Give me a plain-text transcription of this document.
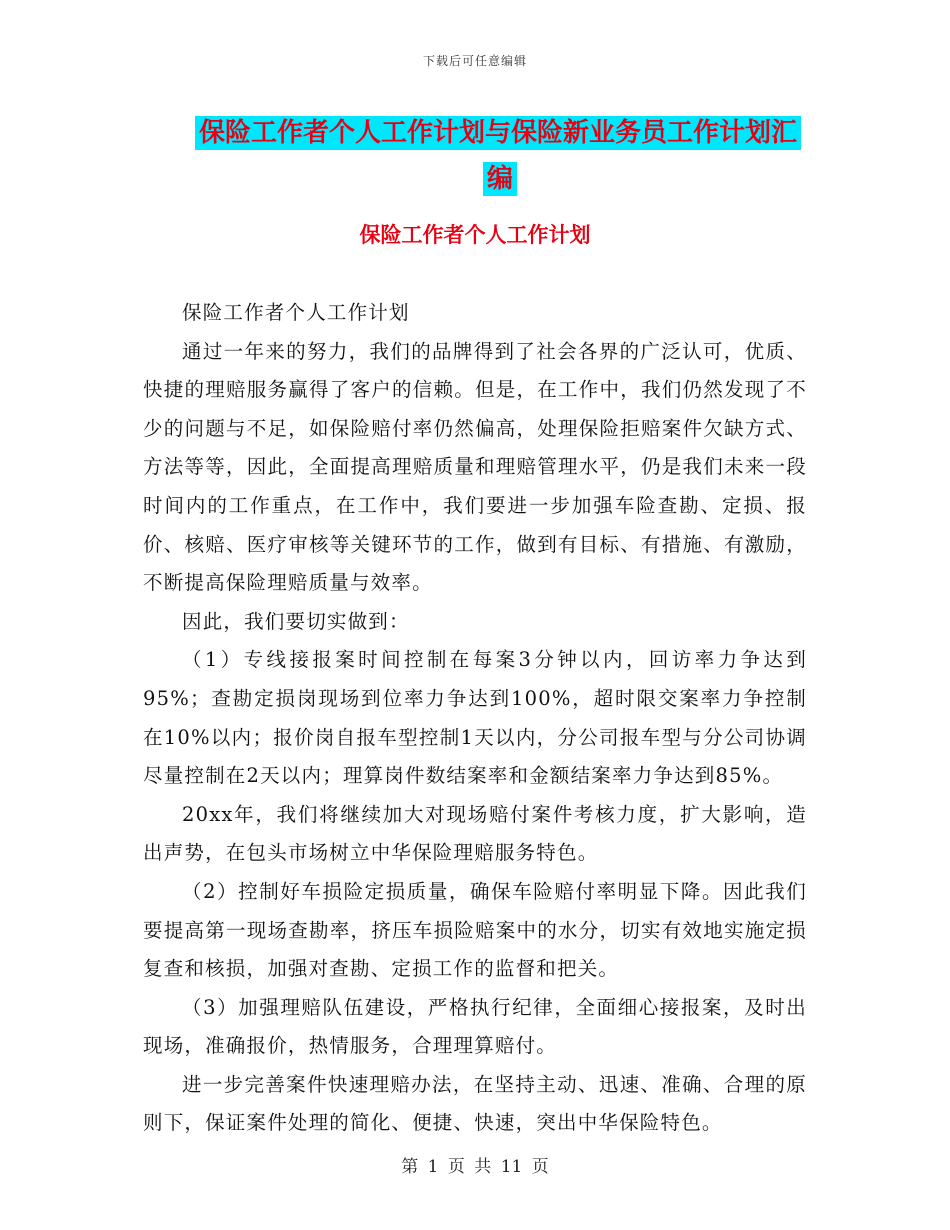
下载后可任意编辑
保险工作者个人工作计划与保险新业务员工作计划汇编
保险工作者个人工作计划

保险工作者个人工作计划

通过一年来的努力，我们的品牌得到了社会各界的广泛认可，优质、快捷的理赔服务赢得了客户的信赖。但是，在工作中，我们仍然发现了不少的问题与不足，如保险赔付率仍然偏高，处理保险拒赔案件欠缺方式、方法等等，因此，全面提高理赔质量和理赔管理水平，仍是我们未来一段时间内的工作重点，在工作中，我们要进一步加强车险查勘、定损、报价、核赔、医疗审核等关键环节的工作，做到有目标、有措施、有激励，不断提高保险理赔质量与效率。

因此，我们要切实做到：

（1）专线接报案时间控制在每案3分钟以内，回访率力争达到95%；查勘定损岗现场到位率力争达到100%，超时限交案率力争控制在10%以内；报价岗自报车型控制1天以内，分公司报车型与分公司协调尽量控制在2天以内；理算岗件数结案率和金额结案率力争达到85%。

20xx年，我们将继续加大对现场赔付案件考核力度，扩大影响，造出声势，在包头市场树立中华保险理赔服务特色。

（2）控制好车损险定损质量，确保车险赔付率明显下降。因此我们要提高第一现场查勘率，挤压车损险赔案中的水分，切实有效地实施定损复查和核损，加强对查勘、定损工作的监督和把关。

（3）加强理赔队伍建设，严格执行纪律，全面细心接报案，及时出现场，准确报价，热情服务，合理理算赔付。

进一步完善案件快速理赔办法，在坚持主动、迅速、准确、合理的原则下，保证案件处理的简化、便捷、快速，突出中华保险特色。

第 1 页 共 11 页
